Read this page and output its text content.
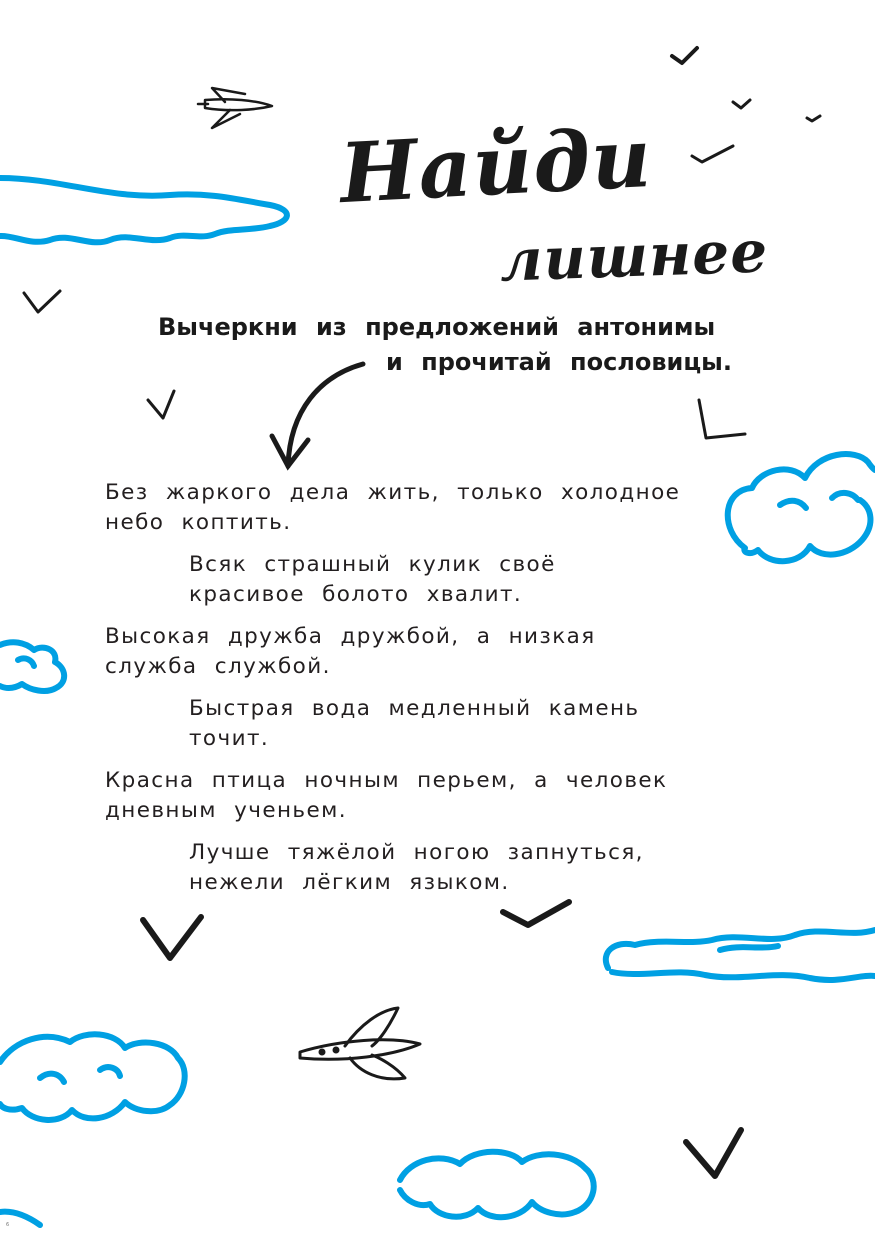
Найди
лишнее
Вычеркни из предложений антонимы
и прочитай пословицы.
Без жаркого дела жить, только холодное
небо коптить.
Всяк страшный кулик своё
красивое болото хвалит.
Высокая дружба дружбой, а низкая
служба службой.
Быстрая вода медленный камень
точит.
Красна птица ночным перьем, а человек
дневным ученьем.
Лучше тяжёлой ногою запнуться,
нежели лёгким языком.
6
